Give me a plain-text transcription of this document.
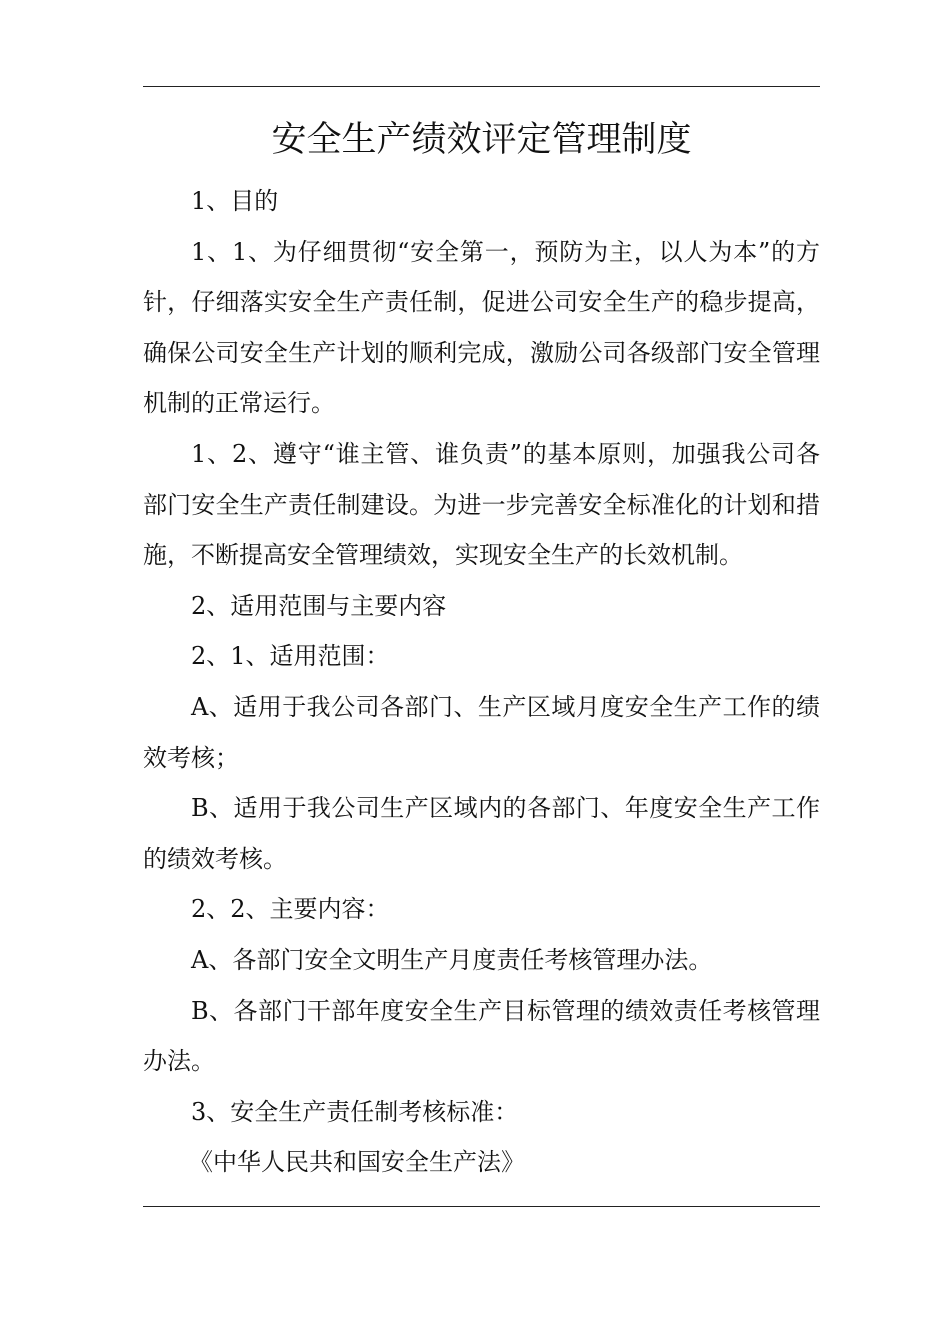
安全生产绩效评定管理制度

1、目的

1、1、为仔细贯彻“安全第一，预防为主，以人为本”的方针，仔细落实安全生产责任制，促进公司安全生产的稳步提高，确保公司安全生产计划的顺利完成，激励公司各级部门安全管理机制的正常运行。

1、2、遵守“谁主管、谁负责”的基本原则，加强我公司各部门安全生产责任制建设。为进一步完善安全标准化的计划和措施，不断提高安全管理绩效，实现安全生产的长效机制。

2、适用范围与主要内容

2、1、适用范围：

A、适用于我公司各部门、生产区域月度安全生产工作的绩效考核；

B、适用于我公司生产区域内的各部门、年度安全生产工作的绩效考核。

2、2、主要内容：

A、各部门安全文明生产月度责任考核管理办法。

B、各部门干部年度安全生产目标管理的绩效责任考核管理办法。

3、安全生产责任制考核标准：

《中华人民共和国安全生产法》
